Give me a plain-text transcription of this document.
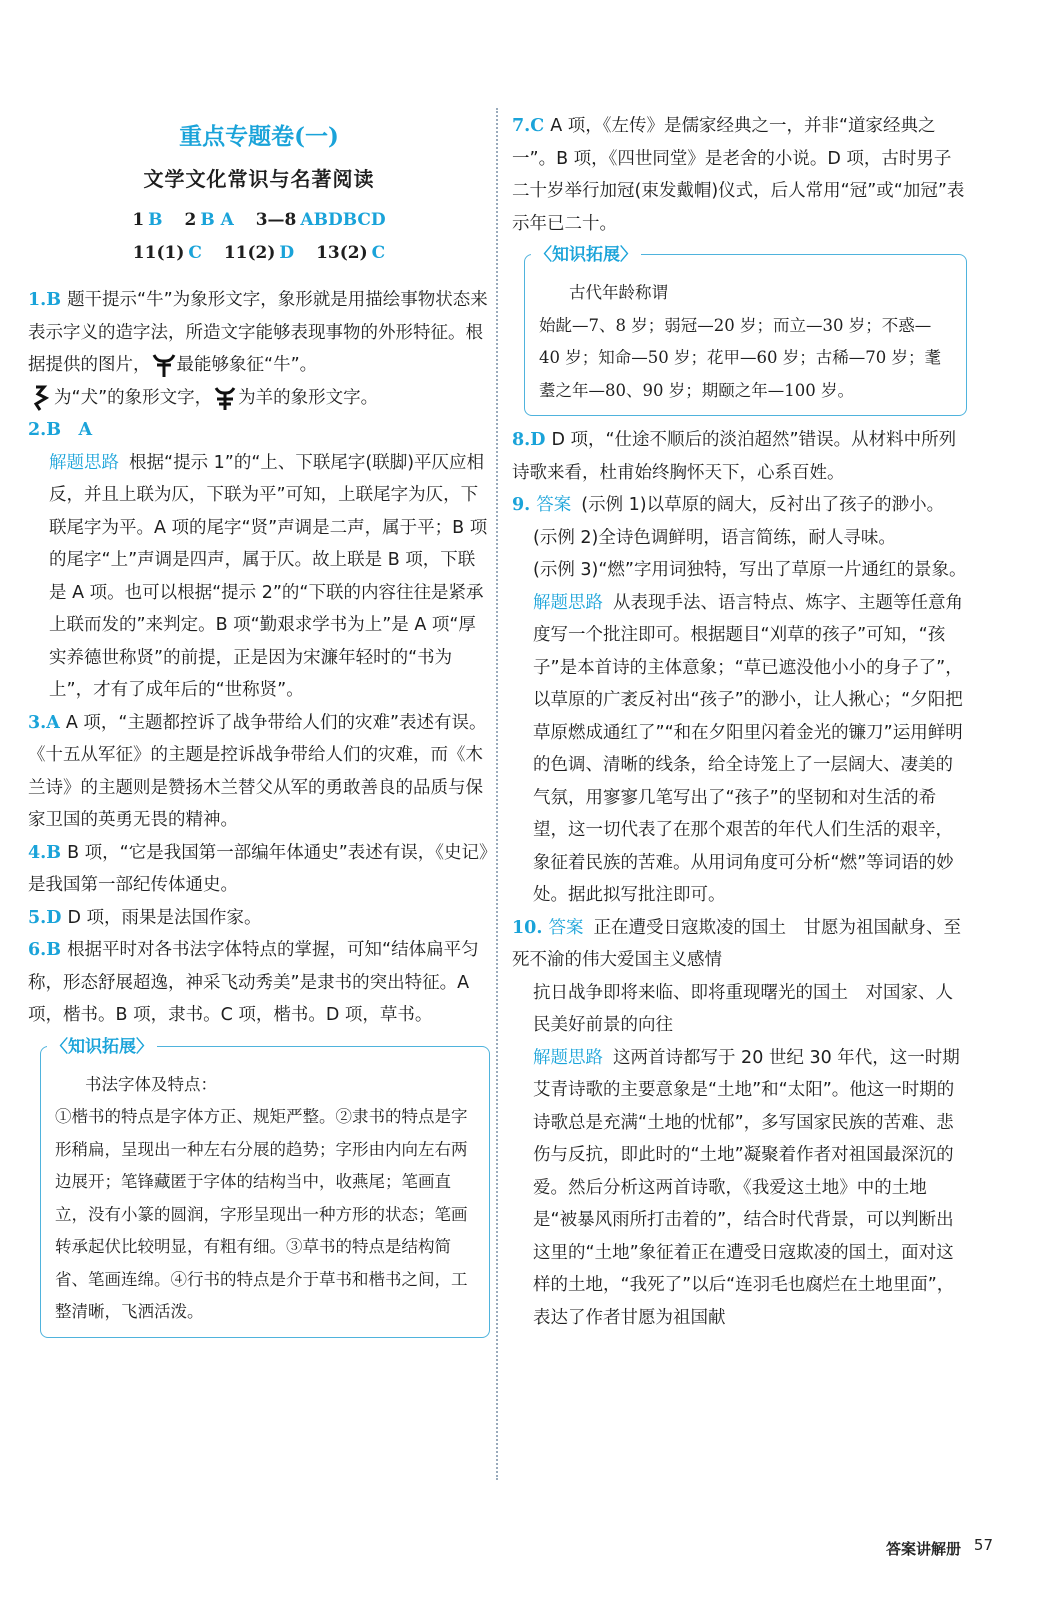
重点专题卷(一)
文学文化常识与名著阅读
1 B 2 B A 3—8 ABDBCD
11(1) C 11(2) D 13(2) C

1.B 题干提示“牛”为象形文字，象形就是用描绘事物状态来表示字义的造字法，所造文字能够表现事物的外形特征。根据提供的图片， 最能够象征“牛”。

为“犬”的象形文字， 为羊的象形文字。

2.B　A

解题思路 根据“提示 1”的“上、下联尾字(联脚)平仄应相反，并且上联为仄，下联为平”可知，上联尾字为仄，下联尾字为平。A 项的尾字“贤”声调是二声，属于平；B 项的尾字“上”声调是四声，属于仄。故上联是 B 项，下联是 A 项。也可以根据“提示 2”的“下联的内容往往是紧承上联而发的”来判定。B 项“勤艰求学书为上”是 A 项“厚实养德世称贤”的前提，正是因为宋濂年轻时的“书为上”，才有了成年后的“世称贤”。

3.A A 项，“主题都控诉了战争带给人们的灾难”表述有误。《十五从军征》的主题是控诉战争带给人们的灾难，而《木兰诗》的主题则是赞扬木兰替父从军的勇敢善良的品质与保家卫国的英勇无畏的精神。

4.B B 项，“它是我国第一部编年体通史”表述有误，《史记》是我国第一部纪传体通史。

5.D D 项，雨果是法国作家。

6.B 根据平时对各书法字体特点的掌握，可知“结体扁平匀称，形态舒展超逸，神采飞动秀美”是隶书的突出特征。A 项，楷书。B 项，隶书。C 项，楷书。D 项，草书。

〈知识拓展〉

书法字体及特点：

①楷书的特点是字体方正、规矩严整。②隶书的特点是字形稍扁，呈现出一种左右分展的趋势；字形由内向左右两边展开；笔锋藏匿于字体的结构当中，收燕尾；笔画直立，没有小篆的圆润，字形呈现出一种方形的状态；笔画转承起伏比较明显，有粗有细。③草书的特点是结构简省、笔画连绵。④行书的特点是介于草书和楷书之间，工整清晰，飞洒活泼。

7.C A 项，《左传》是儒家经典之一，并非“道家经典之一”。B 项，《四世同堂》是老舍的小说。D 项，古时男子二十岁举行加冠(束发戴帽)仪式，后人常用“冠”或“加冠”表示年已二十。

〈知识拓展〉

古代年龄称谓

始龀—7、8 岁；弱冠—20 岁；而立—30 岁；不惑—40 岁；知命—50 岁；花甲—60 岁；古稀—70 岁；耄耋之年—80、90 岁；期颐之年—100 岁。

8.D D 项，“仕途不顺后的淡泊超然”错误。从材料中所列诗歌来看，杜甫始终胸怀天下，心系百姓。

9. 答案 (示例 1)以草原的阔大，反衬出了孩子的渺小。

(示例 2)全诗色调鲜明，语言简练，耐人寻味。

(示例 3)“燃”字用词独特，写出了草原一片通红的景象。

解题思路 从表现手法、语言特点、炼字、主题等任意角度写一个批注即可。根据题目“刈草的孩子”可知，“孩子”是本首诗的主体意象；“草已遮没他小小的身子了”，以草原的广袤反衬出“孩子”的渺小，让人揪心；“夕阳把草原燃成通红了”“和在夕阳里闪着金光的镰刀”运用鲜明的色调、清晰的线条，给全诗笼上了一层阔大、凄美的气氛，用寥寥几笔写出了“孩子”的坚韧和对生活的希望，这一切代表了在那个艰苦的年代人们生活的艰辛，象征着民族的苦难。从用词角度可分析“燃”等词语的妙处。据此拟写批注即可。

10. 答案 正在遭受日寇欺凌的国土　甘愿为祖国献身、至死不渝的伟大爱国主义感情

抗日战争即将来临、即将重现曙光的国土　对国家、人民美好前景的向往

解题思路 这两首诗都写于 20 世纪 30 年代，这一时期艾青诗歌的主要意象是“土地”和“太阳”。他这一时期的诗歌总是充满“土地的忧郁”，多写国家民族的苦难、悲伤与反抗，即此时的“土地”凝聚着作者对祖国最深沉的爱。然后分析这两首诗歌，《我爱这土地》中的土地是“被暴风雨所打击着的”，结合时代背景，可以判断出这里的“土地”象征着正在遭受日寇欺凌的国土，面对这样的土地，“我死了”以后“连羽毛也腐烂在土地里面”，表达了作者甘愿为祖国献

答案讲解册 57
